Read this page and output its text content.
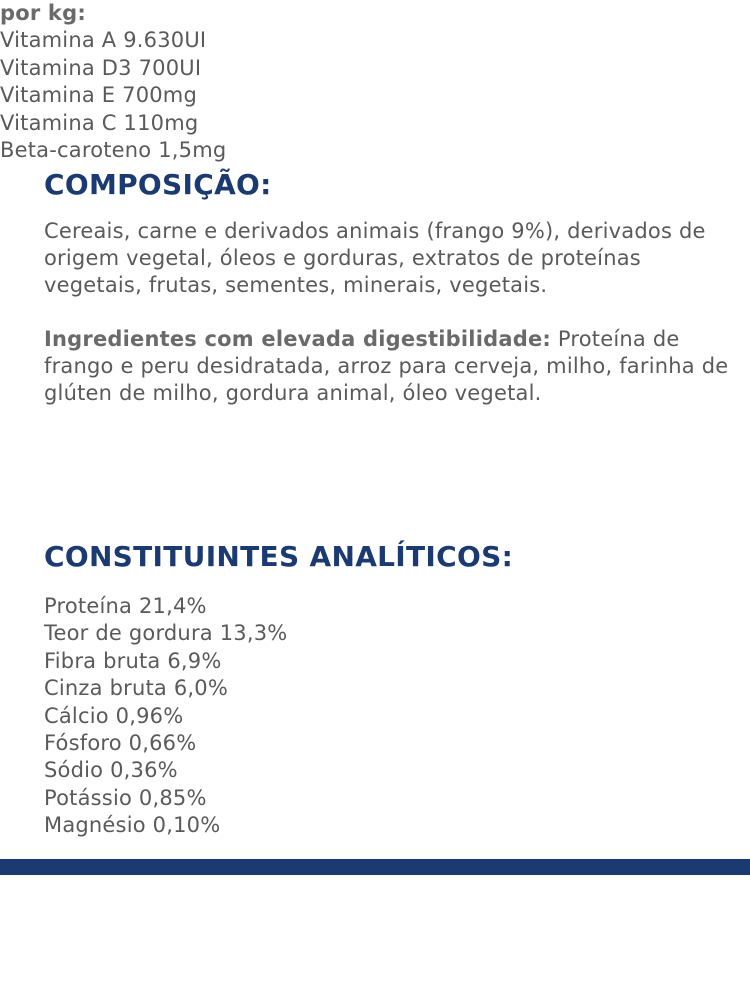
COMPOSIÇÃO:

Cereais, carne e derivados animais (frango 9%), derivados de origem vegetal, óleos e gorduras, extratos de proteínas vegetais, frutas, sementes, minerais, vegetais.

Ingredientes com elevada digestibilidade: Proteína de frango e peru desidratada, arroz para cerveja, milho, farinha de glúten de milho, gordura animal, óleo vegetal.

CONSTITUINTES ANALÍTICOS:
Proteína 21,4%
Teor de gordura 13,3%
Fibra bruta 6,9%
Cinza bruta 6,0%
Cálcio 0,96%
Fósforo 0,66%
Sódio 0,36%
Potássio 0,85%
Magnésio 0,10%

por kg:

Vitamina A 9.630UI
Vitamina D3 700UI
Vitamina E 700mg
Vitamina C 110mg
Beta-caroteno 1,5mg
